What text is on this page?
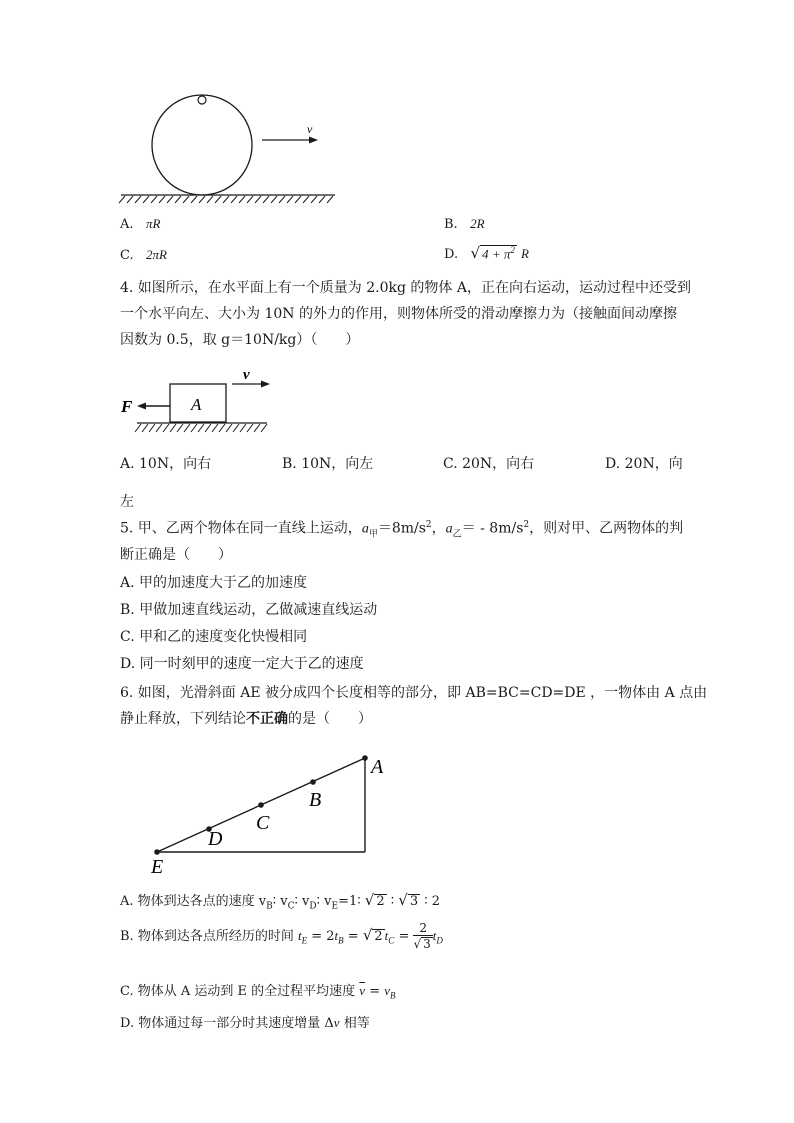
v
A. πR	B. 2R
C. 2πR	D. √ $4 + \pi^2$ R
4. 如图所示，在水平面上有一个质量为 2.0kg 的物体 A，正在向右运动，运动过程中还受到
一个水平向左、大小为 10N 的外力的作用，则物体所受的滑动摩擦力为（接触面间动摩擦
因数为 0.5，取 g＝10N/kg）（　　）
A
F
v
A. 10N，向右	B. 10N，向左	C. 20N，向右	D. 20N，向
左
5. 甲、乙两个物体在同一直线上运动，$a_甲=8m/s^2$，$a_乙= - 8m/s^2$，则对甲、乙两物体的判
断正确是（　　）
A. 甲的加速度大于乙的加速度
B. 甲做加速直线运动，乙做减速直线运动
C. 甲和乙的速度变化快慢相同
D. 同一时刻甲的速度一定大于乙的速度
6. 如图，光滑斜面 AE 被分成四个长度相等的部分，即 AB=BC=CD=DE ，一物体由 A 点由
静止释放，下列结论不正确的是（　　）
A
B
C
D
E
A. 物体到达各点的速度 $v_B∶$ $v_C∶$ $v_D∶$ $v_E=1∶$ √ 2 ∶ √ 3 ∶ 2
B. 物体到达各点所经历的时间 $t_E = 2t_B$ = √ 2 $t_C = \frac{2}{√ 3} t_D$
C. 物体从 A 运动到 E 的全过程平均速度 $\overline{v} = v_B$
D. 物体通过每一部分时其速度增量 Δv 相等
